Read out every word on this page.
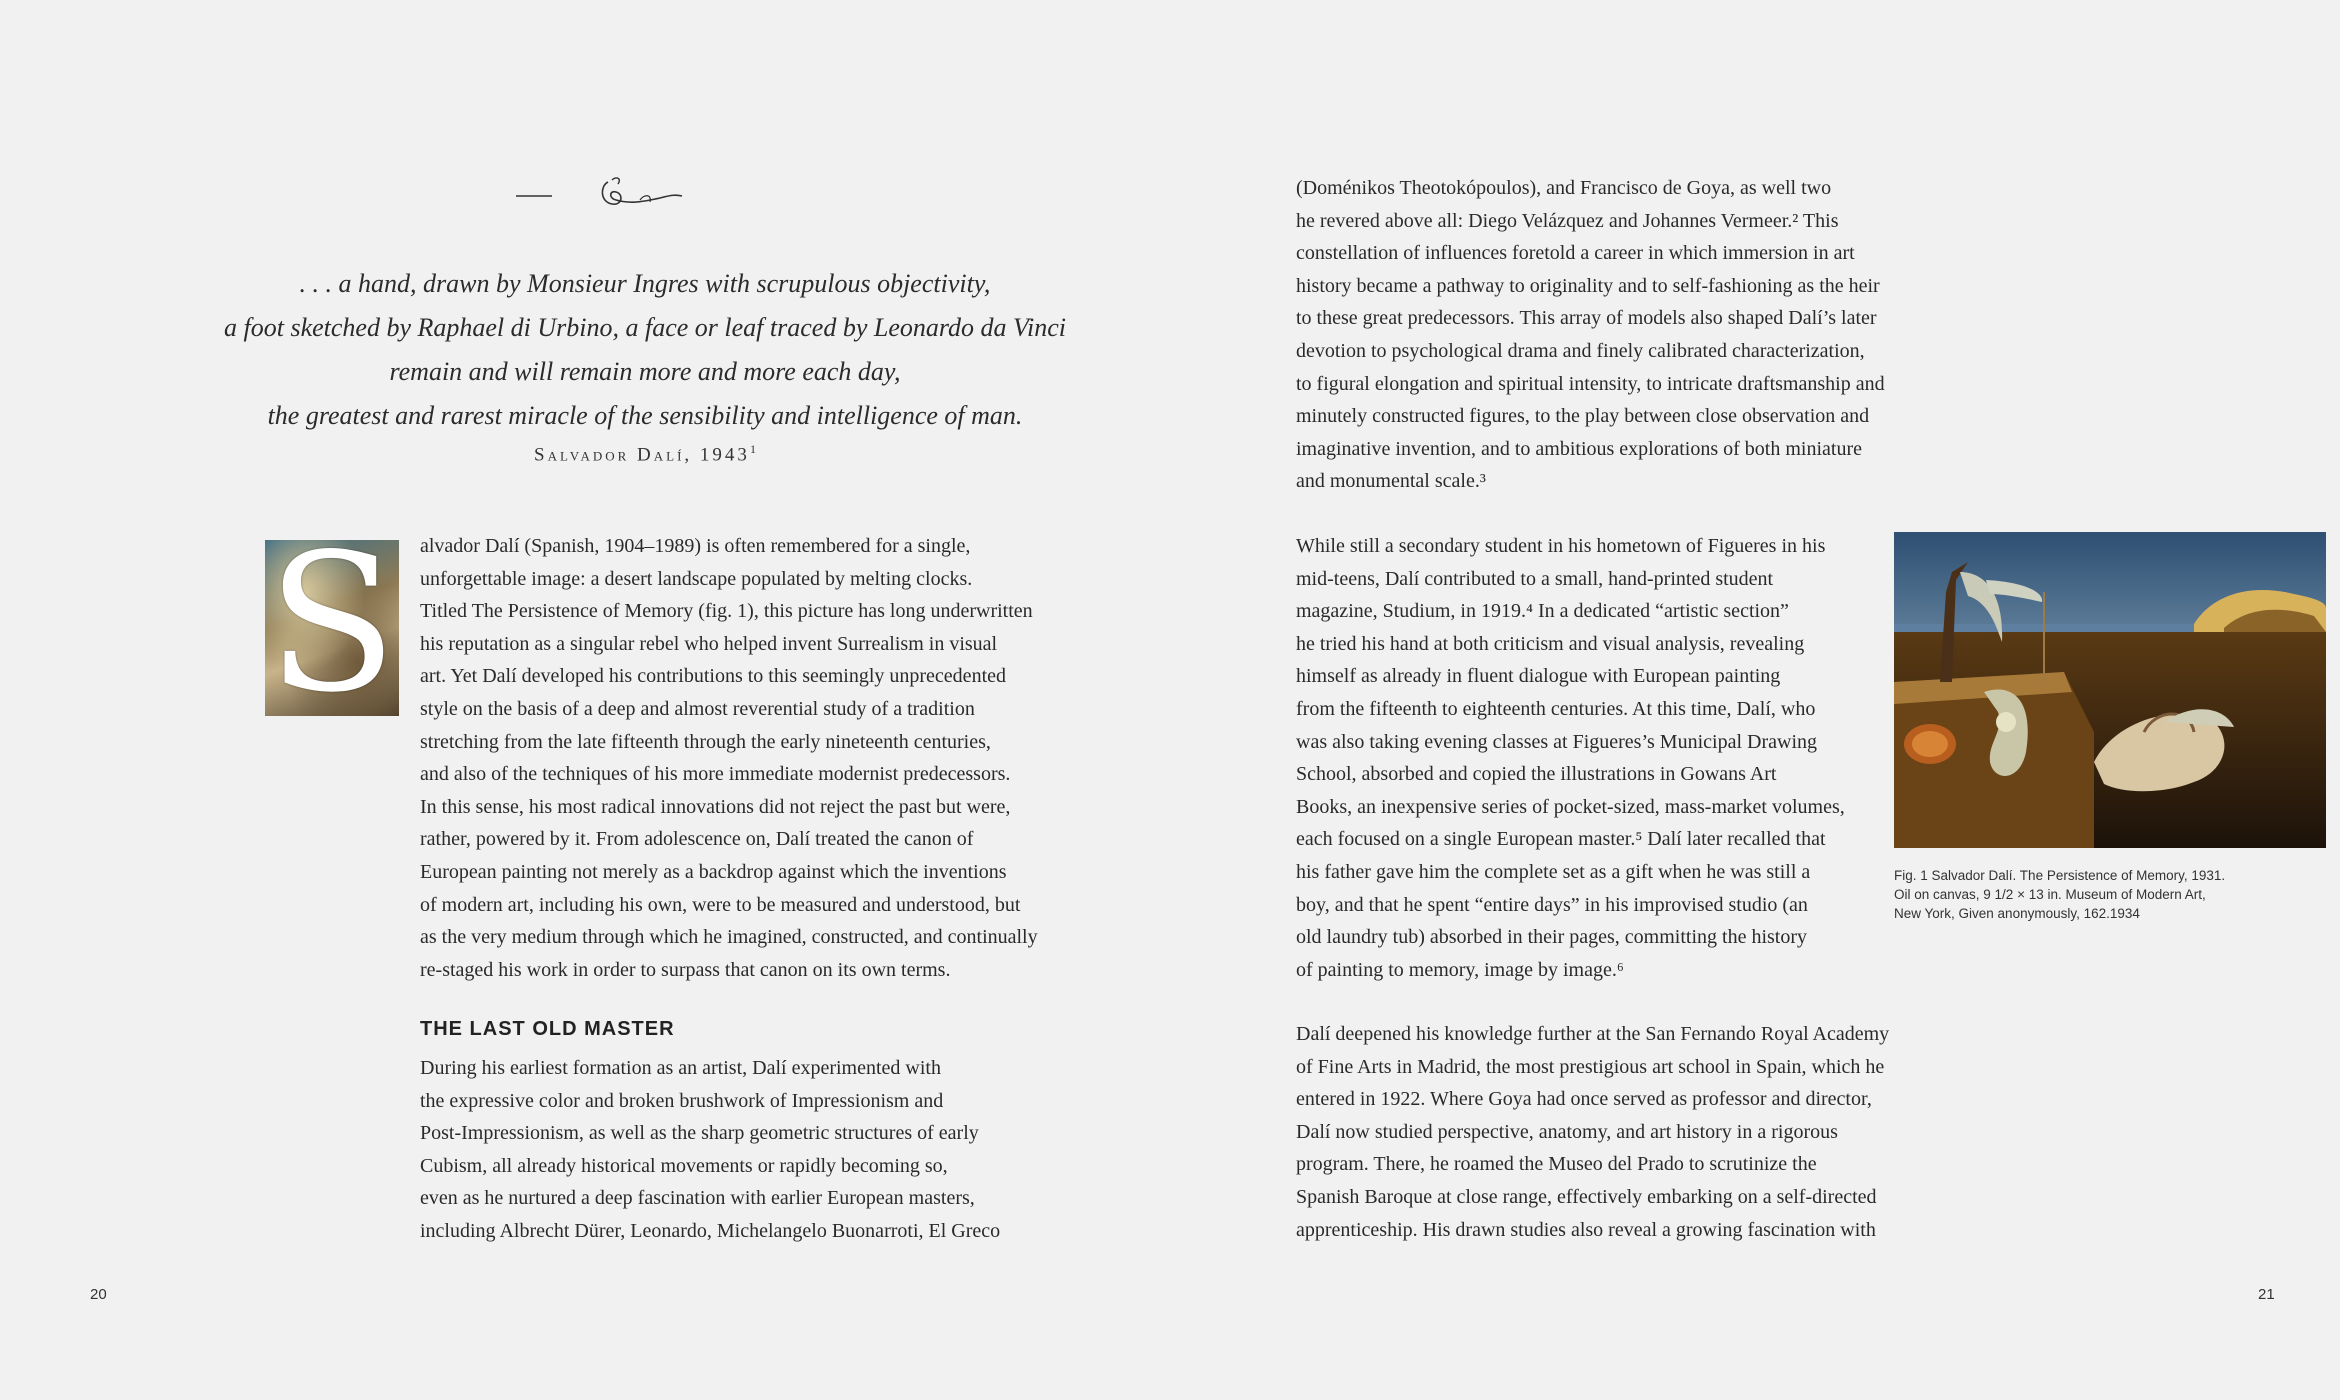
. . . a hand, drawn by Monsieur Ingres with scrupulous objectivity,
a foot sketched by Raphael di Urbino, a face or leaf traced by Leonardo da Vinci
remain and will remain more and more each day,
the greatest and rarest miracle of the sensibility and intelligence of man.
Salvador Dalí, 1943$^1$
S alvador Dalí (Spanish, 1904–1989) is often remembered for a single,

unforgettable image: a desert landscape populated by melting clocks.

Titled The Persistence of Memory (fig. 1), this picture has long underwritten

his reputation as a singular rebel who helped invent Surrealism in visual

art. Yet Dalí developed his contributions to this seemingly unprecedented

style on the basis of a deep and almost reverential study of a tradition

stretching from the late fifteenth through the early nineteenth centuries,

and also of the techniques of his more immediate modernist predecessors.

In this sense, his most radical innovations did not reject the past but were,

rather, powered by it. From adolescence on, Dalí treated the canon of

European painting not merely as a backdrop against which the inventions

of modern art, including his own, were to be measured and understood, but

as the very medium through which he imagined, constructed, and continually

re-staged his work in order to surpass that canon on its own terms.

THE LAST OLD MASTER

During his earliest formation as an artist, Dalí experimented with

the expressive color and broken brushwork of Impressionism and

Post-Impressionism, as well as the sharp geometric structures of early

Cubism, all already historical movements or rapidly becoming so,

even as he nurtured a deep fascination with earlier European masters,

including Albrecht Dürer, Leonardo, Michelangelo Buonarroti, El Greco

20

(Doménikos Theotokópoulos), and Francisco de Goya, as well two

he revered above all: Diego Velázquez and Johannes Vermeer.² This

constellation of influences foretold a career in which immersion in art

history became a pathway to originality and to self-fashioning as the heir

to these great predecessors. This array of models also shaped Dalí’s later

devotion to psychological drama and finely calibrated characterization,

to figural elongation and spiritual intensity, to intricate draftsmanship and

minutely constructed figures, to the play between close observation and

imaginative invention, and to ambitious explorations of both miniature

and monumental scale.³

While still a secondary student in his hometown of Figueres in his

mid-teens, Dalí contributed to a small, hand-printed student

magazine, Studium, in 1919.⁴ In a dedicated “artistic section”

he tried his hand at both criticism and visual analysis, revealing

himself as already in fluent dialogue with European painting

from the fifteenth to eighteenth centuries. At this time, Dalí, who

was also taking evening classes at Figueres’s Municipal Drawing

School, absorbed and copied the illustrations in Gowans Art

Books, an inexpensive series of pocket-sized, mass-market volumes,

each focused on a single European master.⁵ Dalí later recalled that

his father gave him the complete set as a gift when he was still a

boy, and that he spent “entire days” in his improvised studio (an

old laundry tub) absorbed in their pages, committing the history

of painting to memory, image by image.⁶

Fig. 1 Salvador Dalí. The Persistence of Memory, 1931.
Oil on canvas, 9 1/2 × 13 in. Museum of Modern Art,
New York, Given anonymously, 162.1934

Dalí deepened his knowledge further at the San Fernando Royal Academy

of Fine Arts in Madrid, the most prestigious art school in Spain, which he

entered in 1922. Where Goya had once served as professor and director,

Dalí now studied perspective, anatomy, and art history in a rigorous

program. There, he roamed the Museo del Prado to scrutinize the

Spanish Baroque at close range, effectively embarking on a self-directed

apprenticeship. His drawn studies also reveal a growing fascination with

21
